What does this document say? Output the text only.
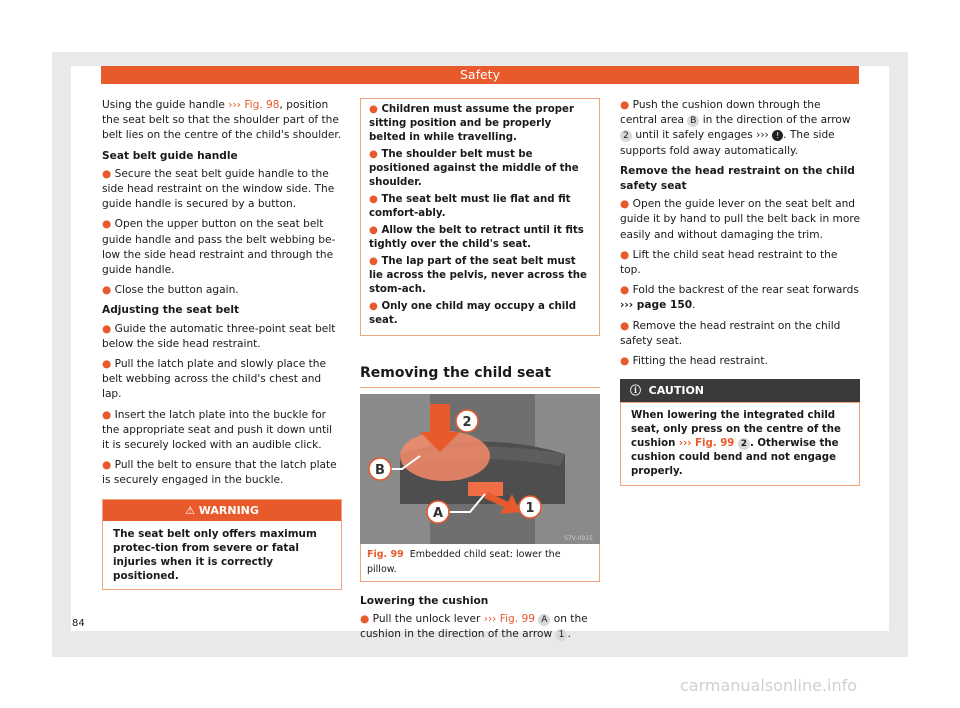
Safety

Using the guide handle ››› Fig. 98, position the seat belt so that the shoulder part of the belt lies on the centre of the child's shoulder.

Seat belt guide handle

● Secure the seat belt guide handle to the side head restraint on the window side. The guide handle is secured by a button.

● Open the upper button on the seat belt guide handle and pass the belt webbing be-low the side head restraint and through the guide handle.

● Close the button again.

Adjusting the seat belt

● Guide the automatic three-point seat belt below the side head restraint.

● Pull the latch plate and slowly place the belt webbing across the child's chest and lap.

● Insert the latch plate into the buckle for the appropriate seat and push it down until it is securely locked with an audible click.

● Pull the belt to ensure that the latch plate is securely engaged in the buckle.

⚠ WARNING
The seat belt only offers maximum protec-tion from severe or fatal injuries when it is correctly positioned.

● Children must assume the proper sitting position and be properly belted in while travelling.

● The shoulder belt must be positioned against the middle of the shoulder.

● The seat belt must lie flat and fit comfort-ably.

● Allow the belt to retract until it fits tightly over the child's seat.

● The lap part of the seat belt must lie across the pelvis, never across the stom-ach.

● Only one child may occupy a child seat.

Removing the child seat
2
B
A	1
S7V-0915
Fig. 99 Embedded child seat: lower the pillow.

Lowering the cushion

● Pull the unlock lever ››› Fig. 99 A on the cushion in the direction of the arrow 1 .

● Push the cushion down through the central area B in the direction of the arrow 2 until it safely engages ››› ! . The side supports fold away automatically.

Remove the head restraint on the child safety seat

● Open the guide lever on the seat belt and guide it by hand to pull the belt back in more easily and without damaging the trim.

● Lift the child seat head restraint to the top.

● Fold the backrest of the rear seat forwards ››› page 150.

● Remove the head restraint on the child safety seat.

● Fitting the head restraint.

ⓘ  CAUTION
When lowering the integrated child seat, only press on the centre of the cushion ››› Fig. 99 2 . Otherwise the cushion could bend and not engage properly.
84
carmanualsonline.info
